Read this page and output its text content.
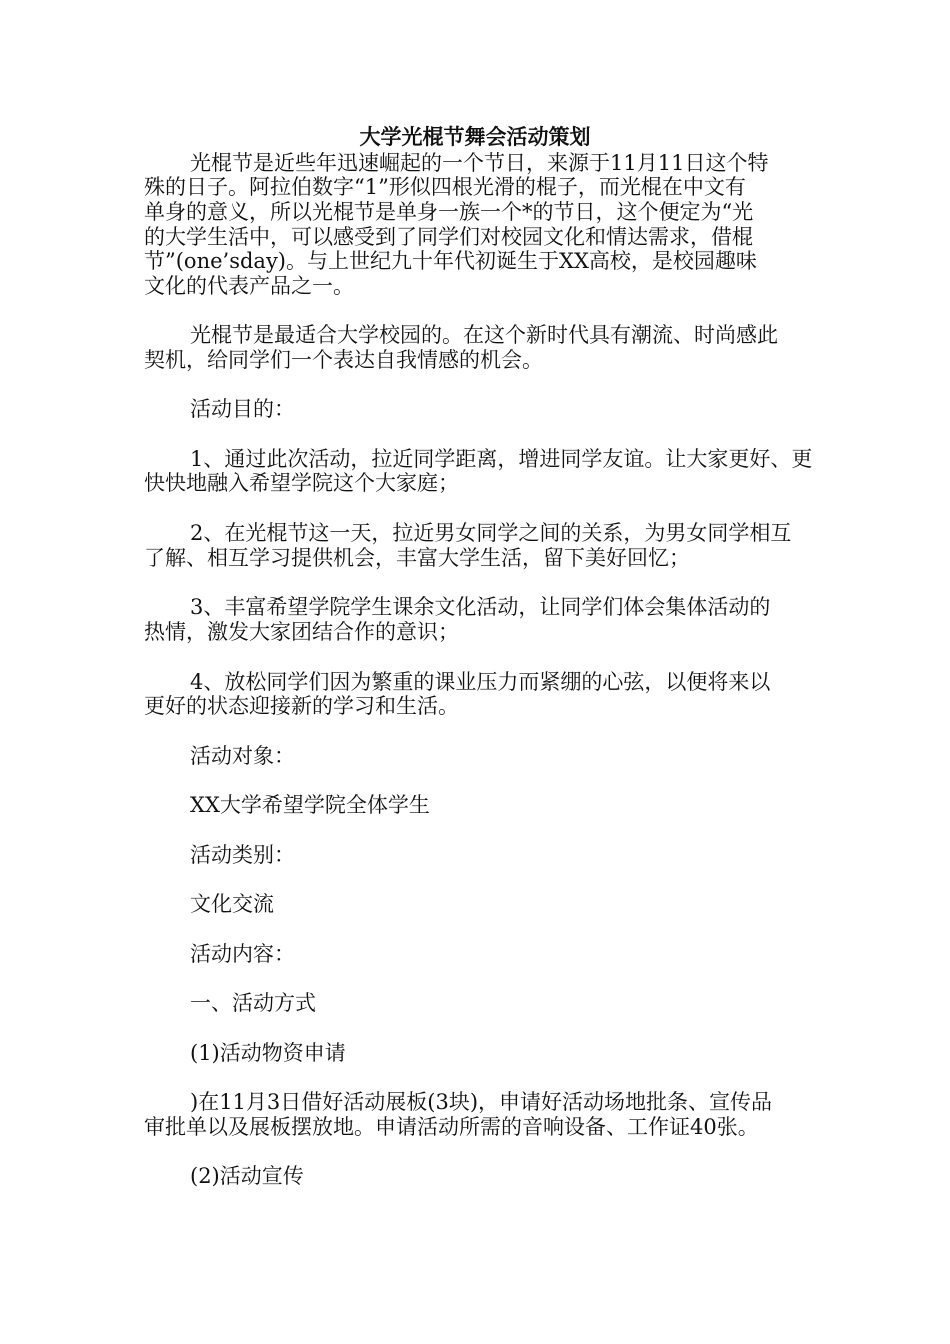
大学光棍节舞会活动策划
光棍节是近些年迅速崛起的一个节日，来源于11月11日这个特
殊的日子。阿拉伯数字“1”形似四根光滑的棍子，而光棍在中文有
单身的意义，所以光棍节是单身一族一个*的节日，这个便定为“光
的大学生活中，可以感受到了同学们对校园文化和情达需求，借棍
节”(one’sday)。与上世纪九十年代初诞生于XX高校，是校园趣味
文化的代表产品之一。
光棍节是最适合大学校园的。在这个新时代具有潮流、时尚感此
契机，给同学们一个表达自我情感的机会。
活动目的：
1、通过此次活动，拉近同学距离，增进同学友谊。让大家更好、更
快快地融入希望学院这个大家庭；
2、在光棍节这一天，拉近男女同学之间的关系，为男女同学相互
了解、相互学习提供机会，丰富大学生活，留下美好回忆；
3、丰富希望学院学生课余文化活动，让同学们体会集体活动的
热情，激发大家团结合作的意识；
4、放松同学们因为繁重的课业压力而紧绷的心弦，以便将来以
更好的状态迎接新的学习和生活。
活动对象：
XX大学希望学院全体学生
活动类别：
文化交流
活动内容：
一、活动方式
(1)活动物资申请
)在11月3日借好活动展板(3块)，申请好活动场地批条、宣传品
审批单以及展板摆放地。申请活动所需的音响设备、工作证40张。
(2)活动宣传
